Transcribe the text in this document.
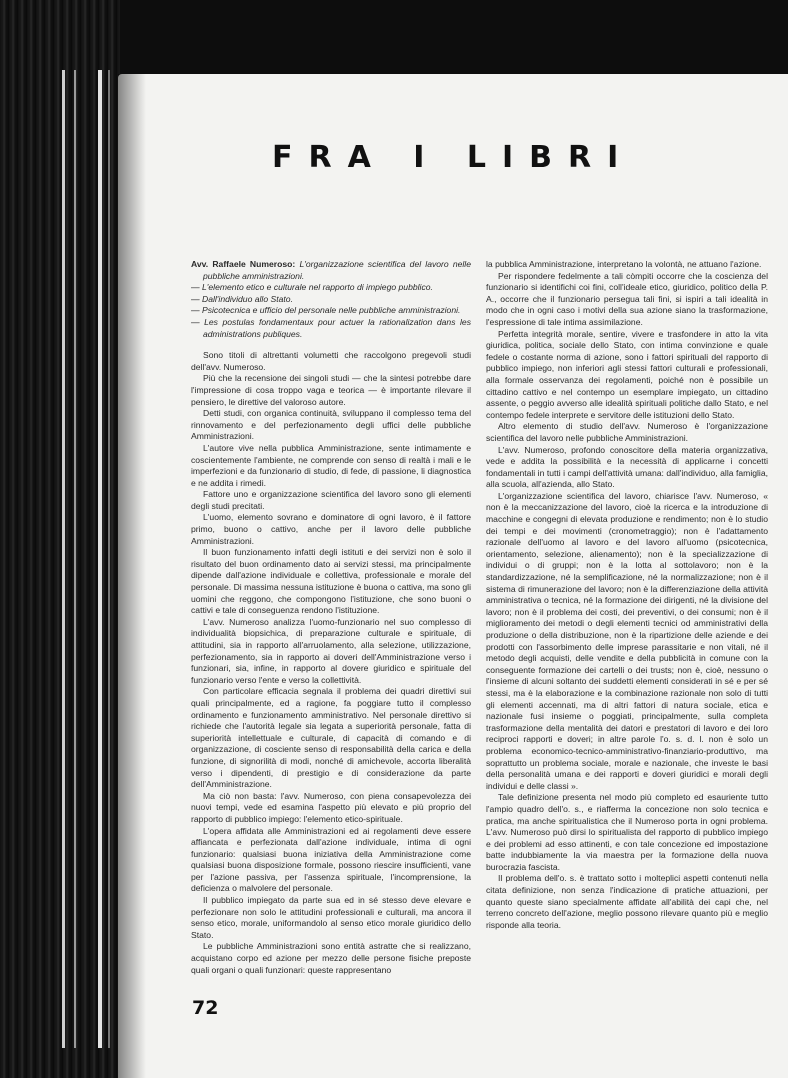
FRA I LIBRI
Avv. Raffaele Numeroso: L'organizzazione scientifica del lavoro nelle pubbliche amministrazioni.
— L'elemento etico e culturale nel rapporto di impiego pubblico.
— Dall'individuo allo Stato.
— Psicotecnica e ufficio del personale nelle pubbliche amministrazioni.
— Les postulas fondamentaux pour actuer la rationalization dans les administrations publiques.

Sono titoli di altrettanti volumetti che raccolgono pregevoli studi dell'avv. Numeroso.

Più che la recensione dei singoli studi — che la sintesi potrebbe dare l'impressione di cosa troppo vaga e teorica — è importante rilevare il pensiero, le direttive del valoroso autore.

Detti studi, con organica continuità, sviluppano il complesso tema del rinnovamento e del perfezionamento degli uffici delle pubbliche Amministrazioni.

L'autore vive nella pubblica Amministrazione, sente intimamente e coscientemente l'ambiente, ne comprende con senso di realtà i mali e le imperfezioni e da funzionario di studio, di fede, di passione, li diagnostica e ne addita i rimedi.

Fattore uno e organizzazione scientifica del lavoro sono gli elementi degli studi precitati.

L'uomo, elemento sovrano e dominatore di ogni lavoro, è il fattore primo, buono o cattivo, anche per il lavoro delle pubbliche Amministrazioni.

Il buon funzionamento infatti degli istituti e dei servizi non è solo il risultato del buon ordinamento dato ai servizi stessi, ma principalmente dipende dall'azione individuale e collettiva, professionale e morale del personale. Di massima nessuna istituzione è buona o cattiva, ma sono gli uomini che reggono, che compongono l'istituzione, che sono buoni o cattivi e tale di conseguenza rendono l'istituzione.

L'avv. Numeroso analizza l'uomo-funzionario nel suo complesso di individualità biopsichica, di preparazione culturale e spirituale, di attitudini, sia in rapporto all'arruolamento, alla selezione, utilizzazione, perfezionamento, sia in rapporto ai doveri dell'Amministrazione verso i funzionari, sia, infine, in rapporto al dovere giuridico e spirituale del funzionario verso l'ente e verso la collettività.

Con particolare efficacia segnala il problema dei quadri direttivi sui quali principalmente, ed a ragione, fa poggiare tutto il complesso ordinamento e funzionamento amministrativo. Nel personale direttivo si richiede che l'autorità legale sia legata a superiorità personale, fatta di superiorità intellettuale e culturale, di capacità di comando e di organizzazione, di cosciente senso di responsabilità della carica e della funzione, di signorilità di modi, nonché di amichevole, accorta liberalità verso i dipendenti, di prestigio e di considerazione da parte dell'Amministrazione.

Ma ciò non basta: l'avv. Numeroso, con piena consapevolezza dei nuovi tempi, vede ed esamina l'aspetto più elevato e più proprio del rapporto di pubblico impiego: l'elemento etico-spirituale.

L'opera affidata alle Amministrazioni ed ai regolamenti deve essere affiancata e perfezionata dall'azione individuale, intima di ogni funzionario: qualsiasi buona iniziativa della Amministrazione come qualsiasi buona disposizione formale, possono riescire insufficienti, vane per l'azione passiva, per l'assenza spirituale, l'incomprensione, la deficienza o malvolere del personale.

Il pubblico impiegato da parte sua ed in sé stesso deve elevare e perfezionare non solo le attitudini professionali e culturali, ma ancora il senso etico, morale, uniformandolo al senso etico morale giuridico dello Stato.

Le pubbliche Amministrazioni sono entità astratte che si realizzano, acquistano corpo ed azione per mezzo delle persone fisiche preposte quali organi o quali funzionari: queste rappresentano

la pubblica Amministrazione, interpretano la volontà, ne attuano l'azione.

Per rispondere fedelmente a tali còmpiti occorre che la coscienza del funzionario si identifichi coi fini, coll'ideale etico, giuridico, politico della P. A., occorre che il funzionario persegua tali fini, si ispiri a tali idealità in modo che in ogni caso i motivi della sua azione siano la trasformazione, l'espressione di tale intima assimilazione.

Perfetta integrità morale, sentire, vivere e trasfondere in atto la vita giuridica, politica, sociale dello Stato, con intima convinzione e quale fedele o costante norma di azione, sono i fattori spirituali del rapporto di pubblico impiego, non inferiori agli stessi fattori culturali e professionali, alla formale osservanza dei regolamenti, poiché non è possibile un cittadino cattivo e nel contempo un esemplare impiegato, un cittadino assente, o peggio avverso alle idealità spirituali politiche dallo Stato, e nel contempo fedele interprete e servitore delle istituzioni dello Stato.

Altro elemento di studio dell'avv. Numeroso è l'organizzazione scientifica del lavoro nelle pubbliche Amministrazioni.

L'avv. Numeroso, profondo conoscitore della materia organizzativa, vede e addita la possibilità e la necessità di applicarne i concetti fondamentali in tutti i campi dell'attività umana: dall'individuo, alla famiglia, alla scuola, all'azienda, allo Stato.

L'organizzazione scientifica del lavoro, chiarisce l'avv. Numeroso, « non è la meccanizzazione del lavoro, cioè la ricerca e la introduzione di macchine e congegni di elevata produzione e rendimento; non è lo studio dei tempi e dei movimenti (cronometraggio); non è l'adattamento razionale dell'uomo al lavoro e del lavoro all'uomo (psicotecnica, orientamento, selezione, alienamento); non è la specializzazione di individui o di gruppi; non è la lotta al sottolavoro; non è la standardizzazione, né la semplificazione, né la normalizzazione; non è il sistema di rimunerazione del lavoro; non è la differenziazione della attività amministrativa o tecnica, né la formazione dei dirigenti, né la divisione del lavoro; non è il problema dei costi, dei preventivi, o dei consumi; non è il miglioramento dei metodi o degli elementi tecnici od amministrativi della produzione o della distribuzione, non è la ripartizione delle aziende e dei prodotti con l'assorbimento delle imprese parassitarie e non vitali, né il metodo degli acquisti, delle vendite e della pubblicità in comune con la conseguente formazione dei cartelli o dei trusts; non è, cioè, nessuno o l'insieme di alcuni soltanto dei suddetti elementi considerati in sé e per sé stessi, ma è la elaborazione e la combinazione razionale non solo di tutti gli elementi accennati, ma di altri fattori di natura sociale, etica e nazionale fusi insieme o poggiati, principalmente, sulla completa trasformazione della mentalità dei datori e prestatori di lavoro e dei loro reciproci rapporti e doveri; in altre parole l'o. s. d. l. non è solo un problema economico-tecnico-amministrativo-finanziario-produttivo, ma soprattutto un problema sociale, morale e nazionale, che investe le basi della personalità umana e dei rapporti e doveri giuridici e morali degli individui e delle classi ».

Tale definizione presenta nel modo più completo ed esauriente tutto l'ampio quadro dell'o. s., e riafferma la concezione non solo tecnica e pratica, ma anche spiritualistica che il Numeroso porta in ogni problema. L'avv. Numeroso può dirsi lo spiritualista del rapporto di pubblico impiego e dei problemi ad esso attinenti, e con tale concezione ed impostazione batte indubbiamente la via maestra per la formazione della nuova burocrazia fascista.

Il problema dell'o. s. è trattato sotto i molteplici aspetti contenuti nella citata definizione, non senza l'indicazione di pratiche attuazioni, per quanto queste siano specialmente affidate all'abilità dei capi che, nel terreno concreto dell'azione, meglio possono rilevare quanto più e meglio risponde alla teoria.

72
